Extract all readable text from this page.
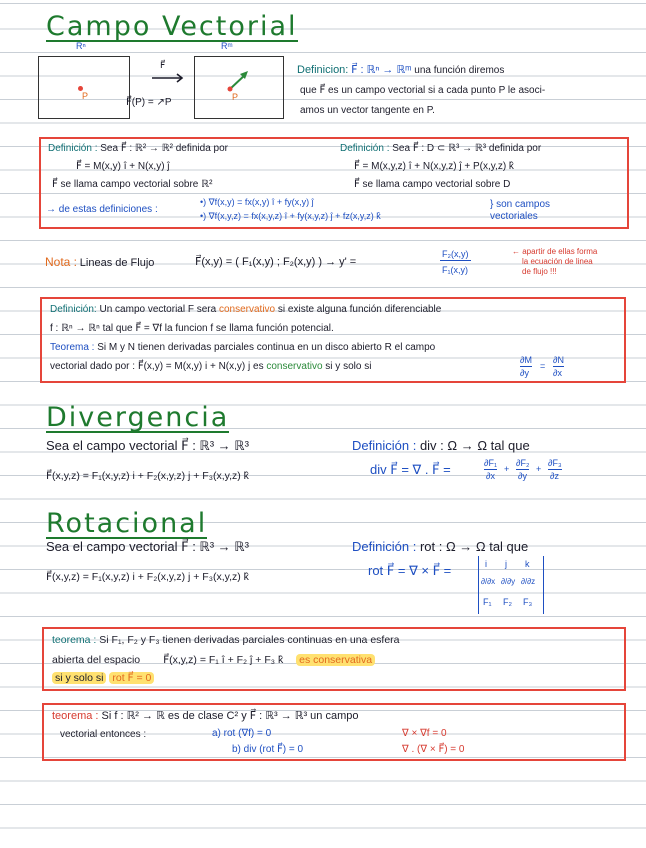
Campo Vectorial
Rⁿ	Rᵐ
P
F⃗
P
F⃗(P) = ↗P
Definicion: F⃗ : ℝⁿ → ℝᵐ una función diremos
que F⃗ es un campo vectorial si a cada punto P le asoci-
amos un vector tangente en P.
Definición : Sea F⃗ : ℝ² → ℝ² definida por
F⃗ = M(x,y) î + N(x,y) ĵ
F⃗ se llama campo vectorial sobre ℝ²
Definición : Sea F⃗ : D ⊂ ℝ³ → ℝ³ definida por
F⃗ = M(x,y,z) î + N(x,y,z) ĵ + P(x,y,z) k̂
F⃗ se llama campo vectorial sobre D
→ de estas definiciones :
•) ∇f(x,y) = fx(x,y) î + fy(x,y) ĵ
•) ∇f(x,y,z) = fx(x,y,z) î + fy(x,y,z) ĵ + fz(x,y,z) k̂
} son campos vectoriales
Nota : Lineas de Flujo	F⃗(x,y) = ( F₁(x,y) ; F₂(x,y) ) → y' =
F₂(x,y)
F₁(x,y)
← apartir de ellas forma
la ecuación de linea
de flujo !!!
Definición: Un campo vectorial F sera conservativo si existe alguna función diferenciable
f : ℝⁿ → ℝⁿ tal que F⃗ = ∇f la funcion f se llama función potencial.
Teorema : Si M y N tienen derivadas parciales continua en un disco abierto R el campo
vectorial dado por : F⃗(x,y) = M(x,y) i + N(x,y) j es conservativo si y solo si
∂M
∂y
=
∂N
∂x
Divergencia
Sea el campo vectorial F⃗ : ℝ³ → ℝ³
F⃗(x,y,z) = F₁(x,y,z) i + F₂(x,y,z) j + F₃(x,y,z) k̂
Definición : div : Ω → Ω tal que
div F⃗ = ∇ . F⃗ =	∂F₁
∂x
+
∂F₂
∂y
+
∂F₃
∂z
Rotacional
Sea el campo vectorial F⃗ : ℝ³ → ℝ³
F⃗(x,y,z) = F₁(x,y,z) i + F₂(x,y,z) j + F₃(x,y,z) k̂
Definición : rot : Ω → Ω tal que
rot F⃗ = ∇ × F⃗ =	i j k
∂/∂x ∂/∂y ∂/∂z
F₁ F₂ F₃
teorema : Si F₁, F₂ y F₃ tienen derivadas parciales continuas en una esfera
abierta del espacio F⃗(x,y,z) = F₁ î + F₂ ĵ + F₃ k̂ es conservativa
si y solo si rot F⃗ = 0
teorema : Si f : ℝ² → ℝ es de clase C² y F⃗ : ℝ³ → ℝ³ un campo
vectorial entonces :	a) rot (∇f) = 0
b) div (rot F⃗) = 0
∇ × ∇f = 0
∇ . (∇ × F⃗) = 0
